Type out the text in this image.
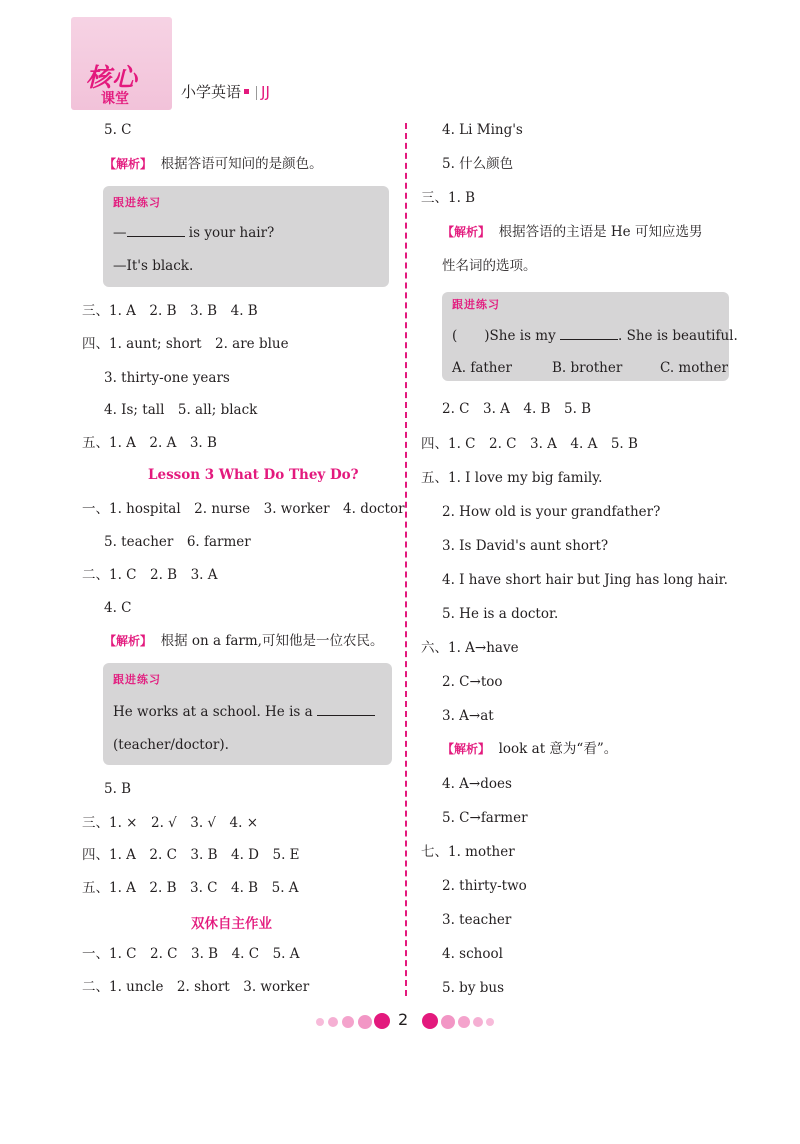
核心
课堂	小学英语 JJ
5. C
【解析】 根据答语可知问的是颜色。
跟进练习
—	is your hair?
—It's black.
三、1. A　2. B　3. B　4. B
四、1. aunt; short　2. are blue
3. thirty-one years
4. Is; tall　5. all; black
五、1. A　2. A　3. B
Lesson 3 What Do They Do?
一、1. hospital　2. nurse　3. worker　4. doctor
5. teacher　6. farmer
二、1. C　2. B　3. A
4. C
【解析】 根据 on a farm,可知他是一位农民。
跟进练习
He works at a school. He is a
(teacher/doctor).
5. B
三、1. ×　2. √　3. √　4. ×
四、1. A　2. C　3. B　4. D　5. E
五、1. A　2. B　3. C　4. B　5. A
双休自主作业
一、1. C　2. C　3. B　4. C　5. A
二、1. uncle　2. short　3. worker
4. Li Ming's
5. 什么颜色
三、1. B
【解析】 根据答语的主语是 He 可知应选男
性名词的选项。
跟进练习
(　　)She is my	. She is beautiful.
A. father	B. brother	C. mother
2. C　3. A　4. B　5. B
四、1. C　2. C　3. A　4. A　5. B
五、1. I love my big family.
2. How old is your grandfather?
3. Is David's aunt short?
4. I have short hair but Jing has long hair.
5. He is a doctor.
六、1. A→have
2. C→too
3. A→at
【解析】 look at 意为“看”。
4. A→does
5. C→farmer
七、1. mother
2. thirty-two
3. teacher
4. school
5. by bus
2
